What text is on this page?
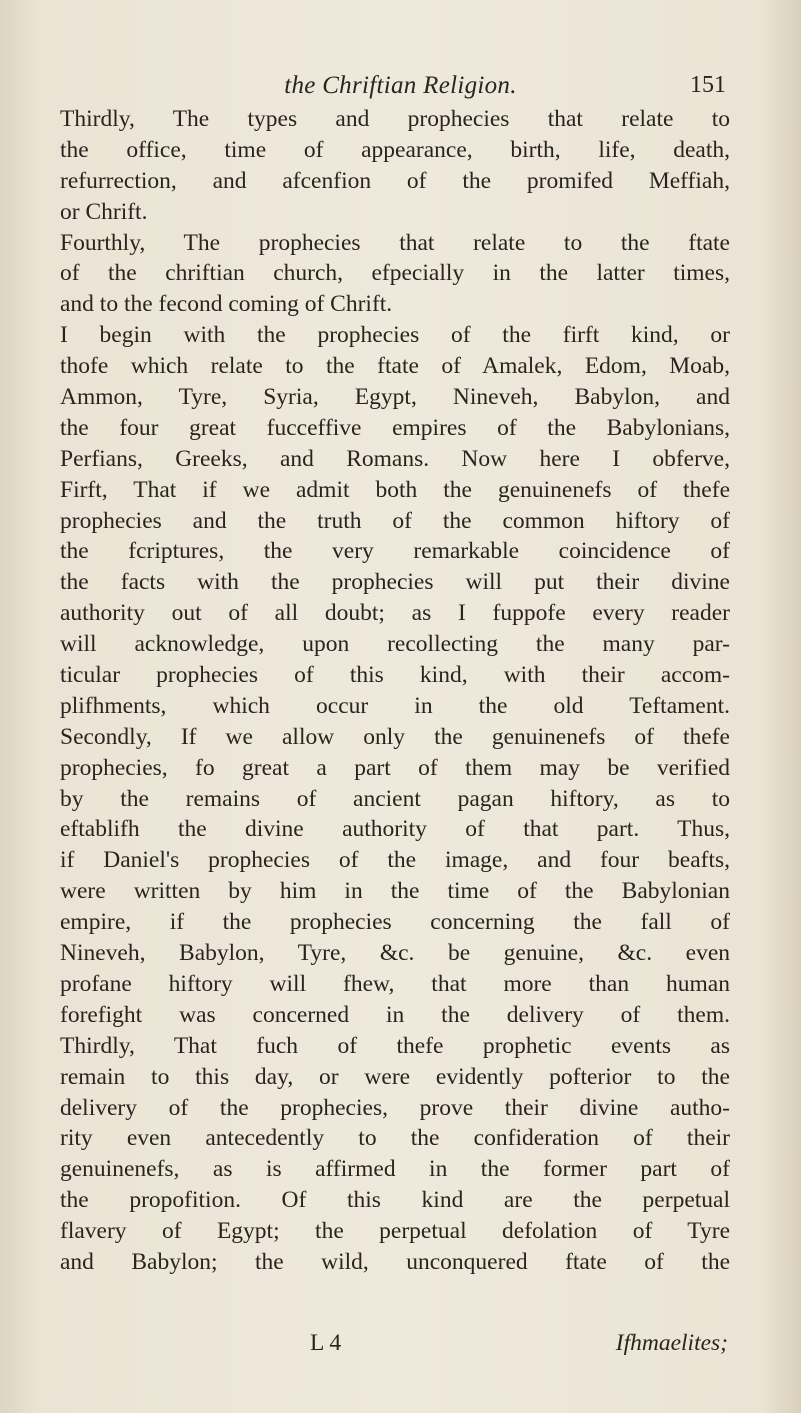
the Chriftian Religion.	151
Thirdly, The types and prophecies that relate to
the office, time of appearance, birth, life, death,
refurrection, and afcenfion of the promifed Meffiah,
or Chrift.
Fourthly, The prophecies that relate to the ftate
of the chriftian church, efpecially in the latter times,
and to the fecond coming of Chrift.
I begin with the prophecies of the firft kind, or
thofe which relate to the ftate of Amalek, Edom, Moab,
Ammon, Tyre, Syria, Egypt, Nineveh, Babylon, and
the four great fucceffive empires of the Babylonians,
Perfians, Greeks, and Romans. Now here I obferve,
Firft, That if we admit both the genuinenefs of thefe
prophecies and the truth of the common hiftory of
the fcriptures, the very remarkable coincidence of
the facts with the prophecies will put their divine
authority out of all doubt; as I fuppofe every reader
will acknowledge, upon recollecting the many par-
ticular prophecies of this kind, with their accom-
plifhments, which occur in the old Teftament.
Secondly, If we allow only the genuinenefs of thefe
prophecies, fo great a part of them may be verified
by the remains of ancient pagan hiftory, as to
eftablifh the divine authority of that part. Thus,
if Daniel's prophecies of the image, and four beafts,
were written by him in the time of the Babylonian
empire, if the prophecies concerning the fall of
Nineveh, Babylon, Tyre, &c. be genuine, &c. even
profane hiftory will fhew, that more than human
forefight was concerned in the delivery of them.
Thirdly, That fuch of thefe prophetic events as
remain to this day, or were evidently pofterior to the
delivery of the prophecies, prove their divine autho-
rity even antecedently to the confideration of their
genuinenefs, as is affirmed in the former part of
the propofition. Of this kind are the perpetual
flavery of Egypt; the perpetual defolation of Tyre
and Babylon; the wild, unconquered ftate of the
L 4	Ifhmaelites;
